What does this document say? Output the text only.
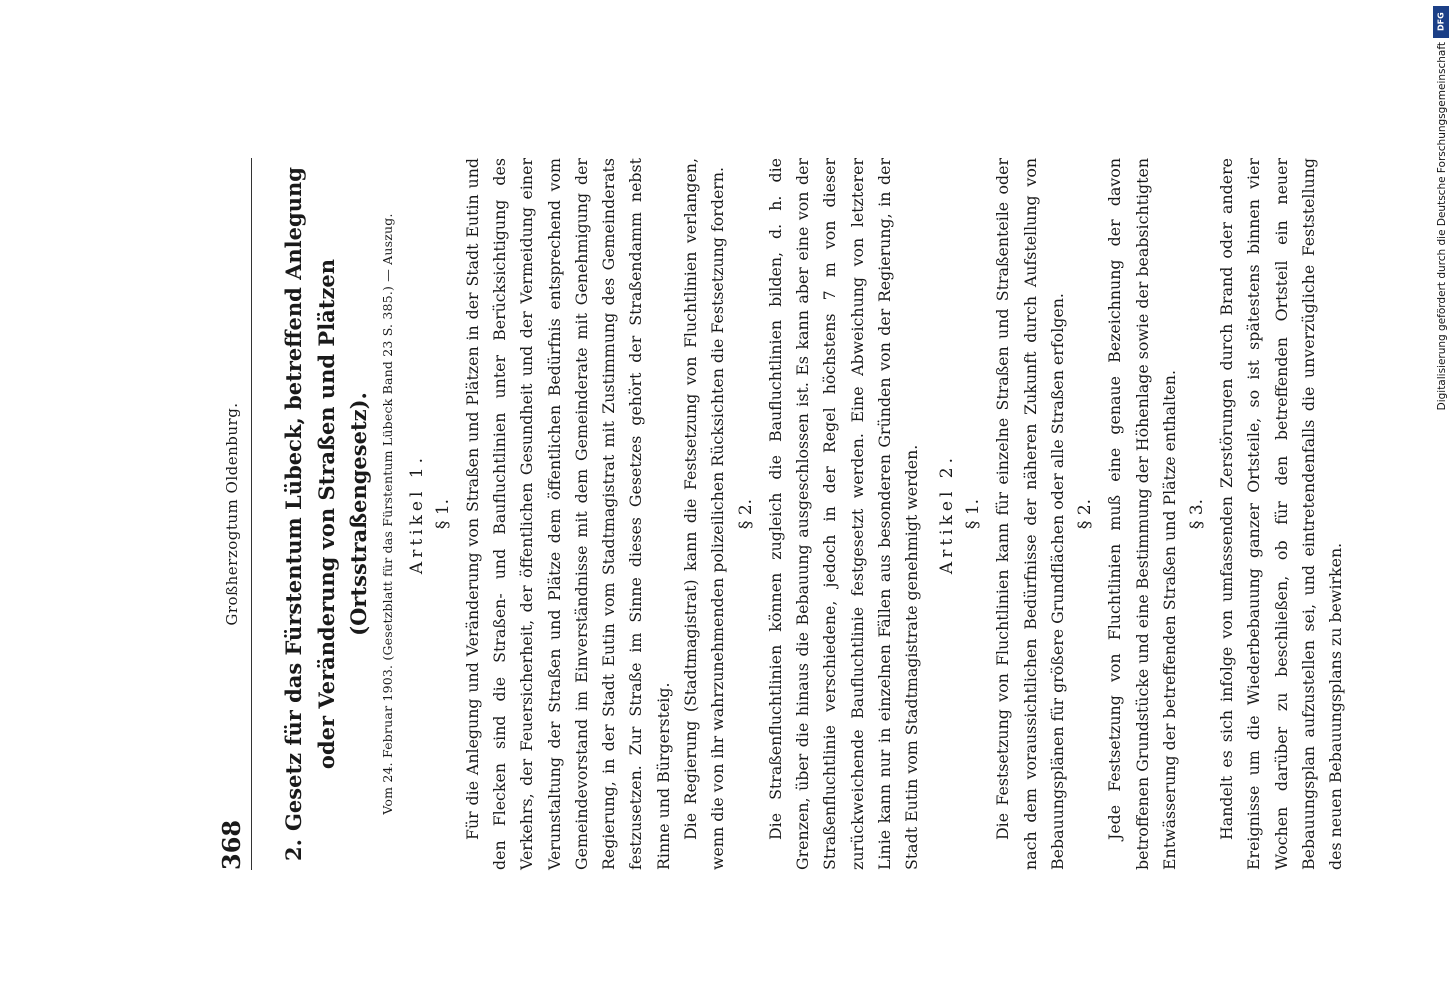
368
Großherzogtum Oldenburg.
2.Gesetz für das Fürstentum Lübeck, betreffend Anlegung oder Veränderung von Straßen und Plätzen (Ortsstraßengesetz). Vom 24. Februar 1903. (Gesetzblatt für das Fürstentum Lübeck Band 23 S. 385.) — Auszug. Artikel 1. § 1. Für die Anlegung und Veränderung von Straßen und Plätzen in der Stadt Eutin und den Flecken sind die Straßen- und Baufluchtlinien unter Berücksichtigung des Verkehrs, der Feuersicherheit, der öffentlichen Gesundheit und der Vermeidung einer Verunstaltung der Straßen und Plätze dem öffentlichen Bedürfnis entsprechend vom Gemeindevorstand im Einverständnisse mit dem Gemeinderate mit Genehmigung der Regierung, in der Stadt Eutin vom Stadtmagistrat mit Zustimmung des Gemeinderats festzusetzen. Zur Straße im Sinne dieses Gesetzes gehört der Straßendamm nebst Rinne und Bürgersteig. Die Regierung (Stadtmagistrat) kann die Festsetzung von Fluchtlinien verlangen, wenn die von ihr wahrzunehmenden polizeilichen Rücksichten die Festsetzung fordern. § 2. Die Straßenfluchtlinien können zugleich die Baufluchtlinien bilden, d. h. die Grenzen, über die hinaus die Bebauung ausgeschlossen ist. Es kann aber eine von der Straßenfluchtlinie verschiedene, jedoch in der Regel höchstens 7 m von dieser zurückweichende Baufluchtlinie festgesetzt werden. Eine Abweichung von letzterer Linie kann nur in einzelnen Fällen aus besonderen Gründen von der Regierung, in der Stadt Eutin vom Stadtmagistrate genehmigt werden. Artikel 2. § 1. Die Festsetzung von Fluchtlinien kann für einzelne Straßen und Straßenteile oder nach dem voraussichtlichen Bedürfnisse der näheren Zukunft durch Aufstellung von Bebauungsplänen für größere Grundflächen oder alle Straßen erfolgen. § 2. Jede Festsetzung von Fluchtlinien muß eine genaue Bezeichnung der davon betroffenen Grundstücke und eine Bestimmung der Höhenlage sowie der beabsichtigten Entwässerung der betreffenden Straßen und Plätze enthalten. § 3. Handelt es sich infolge von umfassenden Zerstörungen durch Brand oder andere Ereignisse um die Wiederbebauung ganzer Ortsteile, so ist spätestens binnen vier Wochen darüber zu beschließen, ob für den betreffenden Ortsteil ein neuer Bebauungsplan aufzustellen sei, und eintretendenfalls die unverzügliche Feststellung des neuen Bebauungsplans zu bewirken.

DFG
Digitalisierung gefördert durch die Deutsche Forschungsgemeinschaft
